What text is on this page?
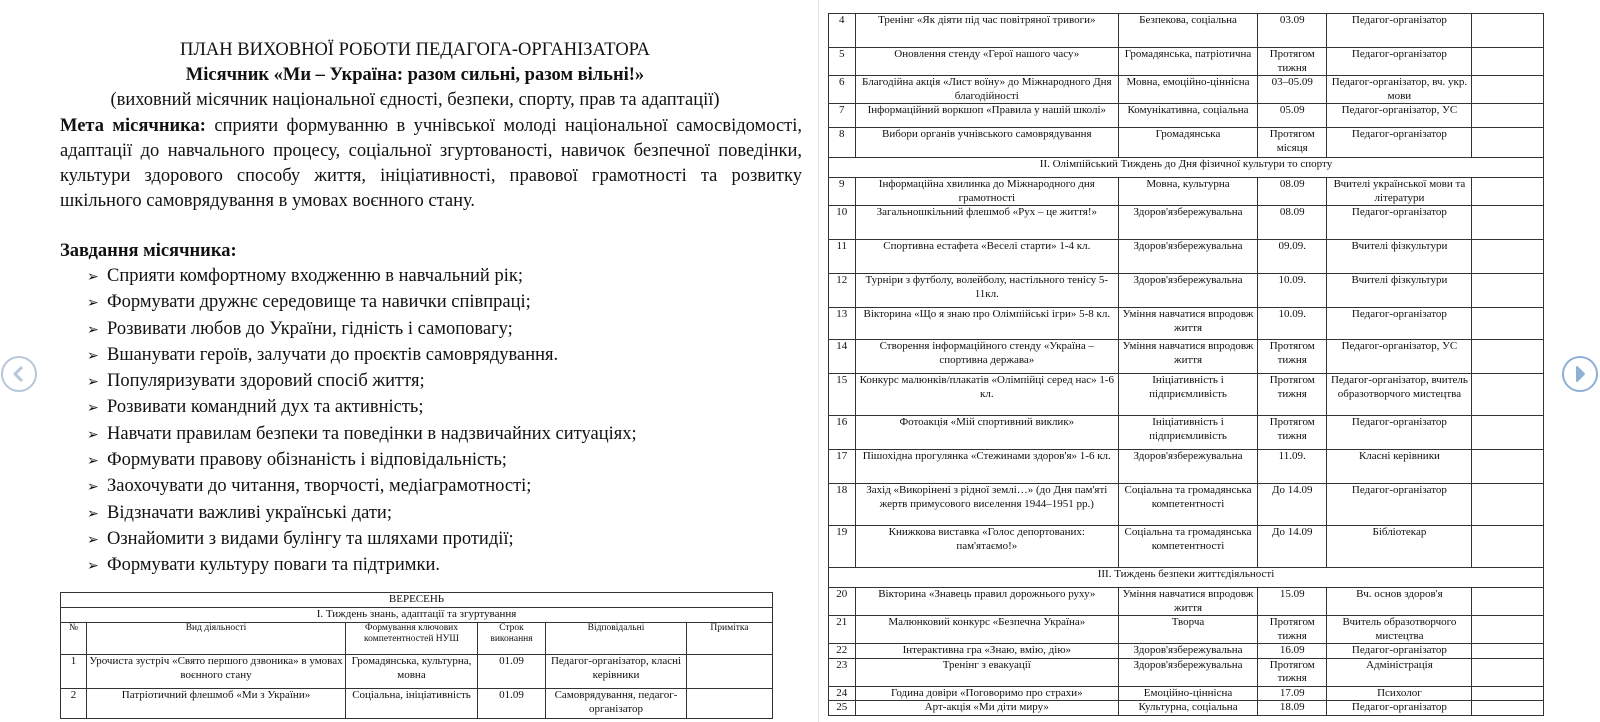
ПЛАН ВИХОВНОЇ РОБОТИ ПЕДАГОГА-ОРГАНІЗАТОРА
Місячник «Ми – Україна: разом сильні, разом вільні!»
(виховний місячник національної єдності, безпеки, спорту, прав та адаптації)
Мета місячника: сприяти формуванню в учнівської молоді національної самосвідомості, адаптації до навчального процесу, соціальної згуртованості, навичок безпечної поведінки, культури здорового способу життя, ініціативності, правової грамотності та розвитку шкільного самоврядування в умовах воєнного стану.
Завдання місячника:
➢ Сприяти комфортному входженню в навчальний рік;
➢ Формувати дружнє середовище та навички співпраці;
➢ Розвивати любов до України, гідність і самоповагу;
➢ Вшанувати героїв, залучати до проєктів самоврядування.
➢ Популяризувати здоровий спосіб життя;
➢ Розвивати командний дух та активність;
➢ Навчати правилам безпеки та поведінки в надзвичайних ситуаціях;
➢ Формувати правову обізнаність і відповідальність;
➢ Заохочувати до читання, творчості, медіаграмотності;
➢ Відзначати важливі українські дати;
➢ Ознайомити з видами булінгу та шляхами протидії;
➢ Формувати культуру поваги та підтримки.
ВЕРЕСЕНЬ					
І. Тиждень знань, адаптації та згуртування					
№	Вид діяльності	Формування ключових компетентностей НУШ	Строк виконання	Відповідальні	Примітка
1	Урочиста зустріч «Свято першого дзвоника» в умовах воєнного стану	Громадянська, культурна, мовна	01.09	Педагог-організатор, класні керівники	
2	Патріотичний флешмоб «Ми з України»	Соціальна, ініціативність	01.09	Самоврядування, педагог-організатор	
4	Тренінг «Як діяти під час повітряної тривоги»	Безпекова, соціальна	03.09	Педагог-організатор	
5	Оновлення стенду «Герої нашого часу»	Громадянська, патріотична	Протягом тижня	Педагог-організатор	
6	Благодійна акція «Лист воїну» до Міжнародного Дня благодійності	Мовна, емоційно-ціннісна	03–05.09	Педагог-організатор, вч. укр. мови	
7	Інформаційний воркшоп «Правила у нашій школі»	Комунікативна, соціальна	05.09	Педагог-організатор, УС	
8	Вибори органів учнівського самоврядування	Громадянська	Протягом місяця	Педагог-організатор	
ІІ. Олімпійський Тиждень до Дня фізичної культури то спорту					
9	Інформаційна хвилинка до Міжнародного дня грамотності	Мовна, культурна	08.09	Вчителі української мови та літератури	
10	Загальношкільний флешмоб «Рух – це життя!»	Здоров'язбережувальна	08.09	Педагог-організатор	
11	Спортивна естафета «Веселі старти» 1-4 кл.	Здоров'язбережувальна	09.09.	Вчителі фізкультури	
12	Турніри з футболу, волейболу, настільного тенісу 5-11кл.	Здоров'язбережувальна	10.09.	Вчителі фізкультури	
13	Вікторина «Що я знаю про Олімпійські ігри» 5-8 кл.	Уміння навчатися впродовж життя	10.09.	Педагог-організатор	
14	Створення інформаційного стенду «Україна – спортивна держава»	Уміння навчатися впродовж життя	Протягом тижня	Педагог-організатор, УС	
15	Конкурс малюнків/плакатів «Олімпійці серед нас» 1-6 кл.	Ініціативність і підприємливість	Протягом тижня	Педагог-організатор, вчитель образотворчого мистецтва	
16	Фотоакція «Мій спортивний виклик»	Ініціативність і підприємливість	Протягом тижня	Педагог-організатор	
17	Пішохідна прогулянка «Стежинами здоров'я» 1-6 кл.	Здоров'язбережувальна	11.09.	Класні керівники	
18	Захід «Викорінені з рідної землі…» (до Дня пам'яті жертв примусового виселення 1944–1951 рр.)	Соціальна та громадянська компетентності	До 14.09	Педагог-організатор	
19	Книжкова виставка «Голос депортованих: пам'ятаємо!»	Соціальна та громадянська компетентності	До 14.09	Бібліотекар	
ІІІ. Тиждень безпеки життєдіяльності					
20	Вікторина «Знавець правил дорожнього руху»	Уміння навчатися впродовж життя	15.09	Вч. основ здоров'я	
21	Малюнковий конкурс «Безпечна Україна»	Творча	Протягом тижня	Вчитель образотворчого мистецтва	
22	Інтерактивна гра «Знаю, вмію, дію»	Здоров'язбережувальна	16.09	Педагог-організатор	
23	Тренінг з евакуації	Здоров'язбережувальна	Протягом тижня	Адміністрація	
24	Година довіри «Поговоримо про страхи»	Емоційно-ціннісна	17.09	Психолог	
25	Арт-акція «Ми діти миру»	Культурна, соціальна	18.09	Педагог-організатор	
